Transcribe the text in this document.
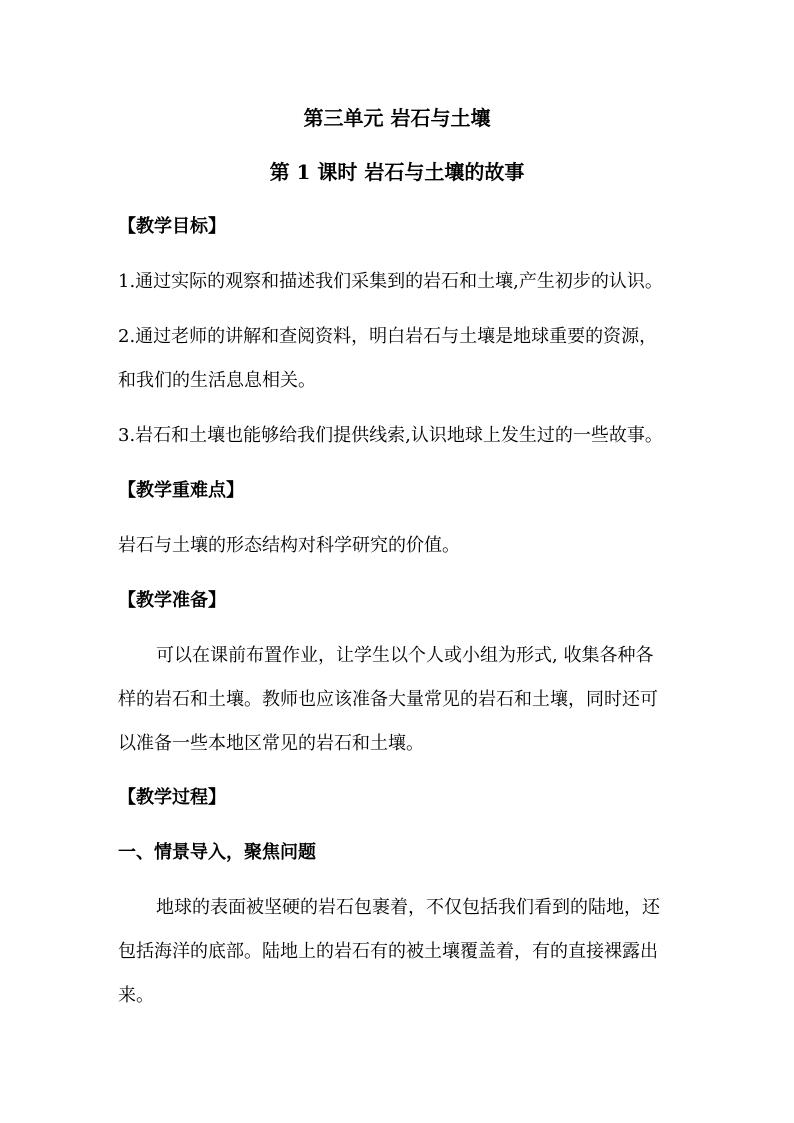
第三单元 岩石与土壤
第 1 课时 岩石与土壤的故事
【教学目标】
1.通过实际的观察和描述我们采集到的岩石和土壤,产生初步的认识。
2.通过老师的讲解和查阅资料，明白岩石与土壤是地球重要的资源，
和我们的生活息息相关。
3.岩石和土壤也能够给我们提供线索,认识地球上发生过的一些故事。
【教学重难点】
岩石与土壤的形态结构对科学研究的价值。
【教学准备】
可以在课前布置作业，让学生以个人或小组为形式, 收集各种各
样的岩石和土壤。教师也应该准备大量常见的岩石和土壤，同时还可
以准备一些本地区常见的岩石和土壤。
【教学过程】
一、情景导入，聚焦问题
地球的表面被坚硬的岩石包裹着，不仅包括我们看到的陆地，还
包括海洋的底部。陆地上的岩石有的被土壤覆盖着，有的直接裸露出
来。
